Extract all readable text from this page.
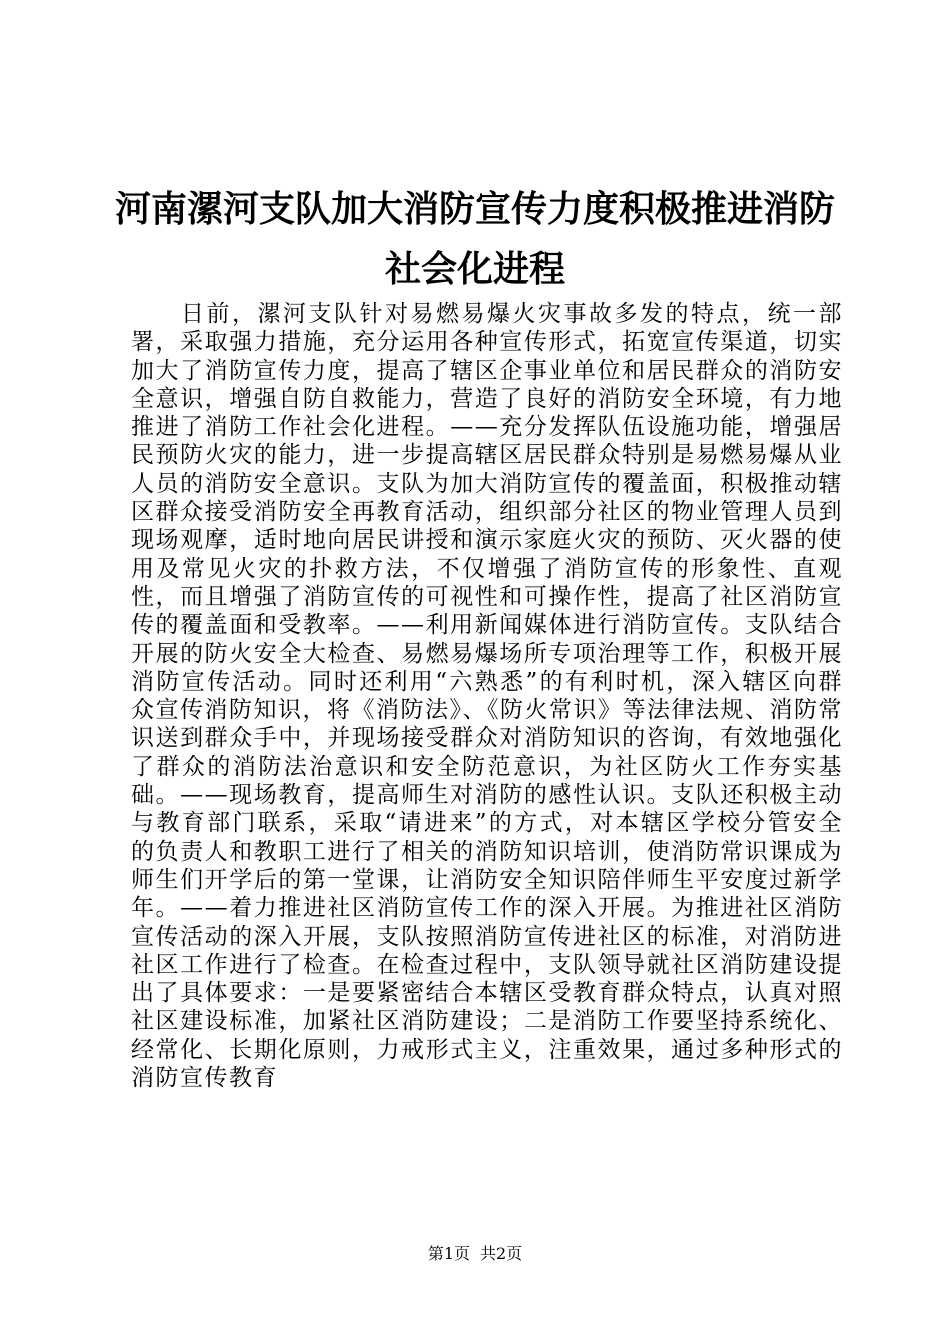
河南漯河支队加大消防宣传力度积极推进消防社会化进程

日前，漯河支队针对易燃易爆火灾事故多发的特点，统一部署，采取强力措施，充分运用各种宣传形式，拓宽宣传渠道，切实加大了消防宣传力度，提高了辖区企事业单位和居民群众的消防安全意识，增强自防自救能力，营造了良好的消防安全环境，有力地推进了消防工作社会化进程。——充分发挥队伍设施功能，增强居民预防火灾的能力，进一步提高辖区居民群众特别是易燃易爆从业人员的消防安全意识。支队为加大消防宣传的覆盖面，积极推动辖区群众接受消防安全再教育活动，组织部分社区的物业管理人员到现场观摩，适时地向居民讲授和演示家庭火灾的预防、灭火器的使用及常见火灾的扑救方法，不仅增强了消防宣传的形象性、直观性，而且增强了消防宣传的可视性和可操作性，提高了社区消防宣传的覆盖面和受教率。——利用新闻媒体进行消防宣传。支队结合开展的防火安全大检查、易燃易爆场所专项治理等工作，积极开展消防宣传活动。同时还利用“六熟悉”的有利时机，深入辖区向群众宣传消防知识，将《消防法》、《防火常识》等法律法规、消防常识送到群众手中，并现场接受群众对消防知识的咨询，有效地强化了群众的消防法治意识和安全防范意识，为社区防火工作夯实基础。——现场教育，提高师生对消防的感性认识。支队还积极主动与教育部门联系，采取“请进来”的方式，对本辖区学校分管安全的负责人和教职工进行了相关的消防知识培训，使消防常识课成为师生们开学后的第一堂课，让消防安全知识陪伴师生平安度过新学年。——着力推进社区消防宣传工作的深入开展。为推进社区消防宣传活动的深入开展，支队按照消防宣传进社区的标准，对消防进社区工作进行了检查。在检查过程中，支队领导就社区消防建设提出了具体要求：一是要紧密结合本辖区受教育群众特点，认真对照社区建设标准，加紧社区消防建设；二是消防工作要坚持系统化、经常化、长期化原则，力戒形式主义，注重效果，通过多种形式的消防宣传教育

第1页 共2页
